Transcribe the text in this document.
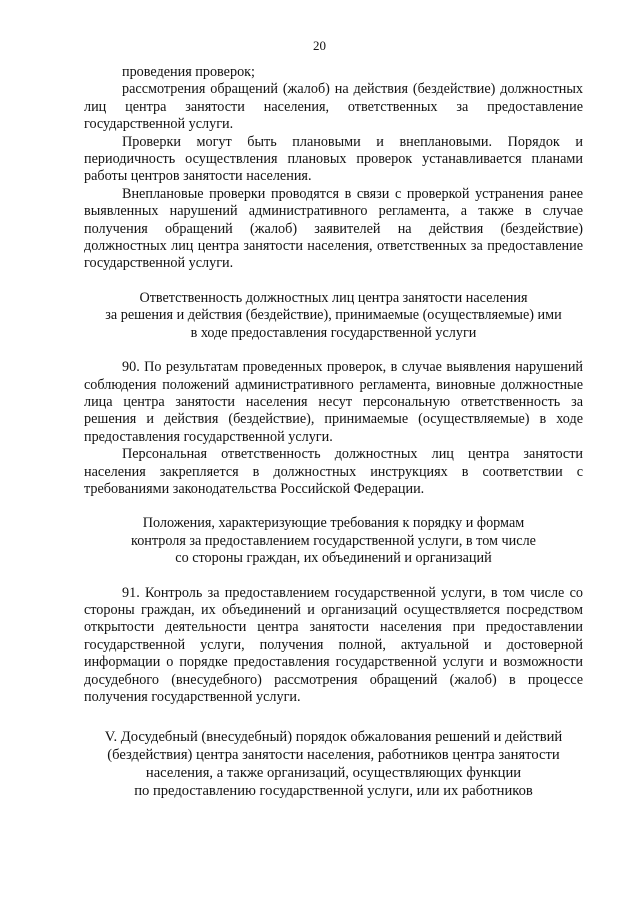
20

проведения проверок;

рассмотрения обращений (жалоб) на действия (бездействие) должностных лиц центра занятости населения, ответственных за предоставление государственной услуги.

Проверки могут быть плановыми и внеплановыми. Порядок и периодичность осуществления плановых проверок устанавливается планами работы центров занятости населения.

Внеплановые проверки проводятся в связи с проверкой устранения ранее выявленных нарушений административного регламента, а также в случае получения обращений (жалоб) заявителей на действия (бездействие) должностных лиц центра занятости населения, ответственных за предоставление государственной услуги.

Ответственность должностных лиц центра занятости населения
за решения и действия (бездействие), принимаемые (осуществляемые) ими
в ходе предоставления государственной услуги

90. По результатам проведенных проверок, в случае выявления нарушений соблюдения положений административного регламента, виновные должностные лица центра занятости населения несут персональную ответственность за решения и действия (бездействие), принимаемые (осуществляемые) в ходе предоставления государственной услуги.

Персональная ответственность должностных лиц центра занятости населения закрепляется в должностных инструкциях в соответствии с требованиями законодательства Российской Федерации.

Положения, характеризующие требования к порядку и формам
контроля за предоставлением государственной услуги, в том числе
со стороны граждан, их объединений и организаций

91. Контроль за предоставлением государственной услуги, в том числе со стороны граждан, их объединений и организаций осуществляется посредством открытости деятельности центра занятости населения при предоставлении государственной услуги, получения полной, актуальной и достоверной информации о порядке предоставления государственной услуги и возможности досудебного (внесудебного) рассмотрения обращений (жалоб) в процессе получения государственной услуги.

V. Досудебный (внесудебный) порядок обжалования решений и действий
(бездействия) центра занятости населения, работников центра занятости
населения, а также организаций, осуществляющих функции
по предоставлению государственной услуги, или их работников
